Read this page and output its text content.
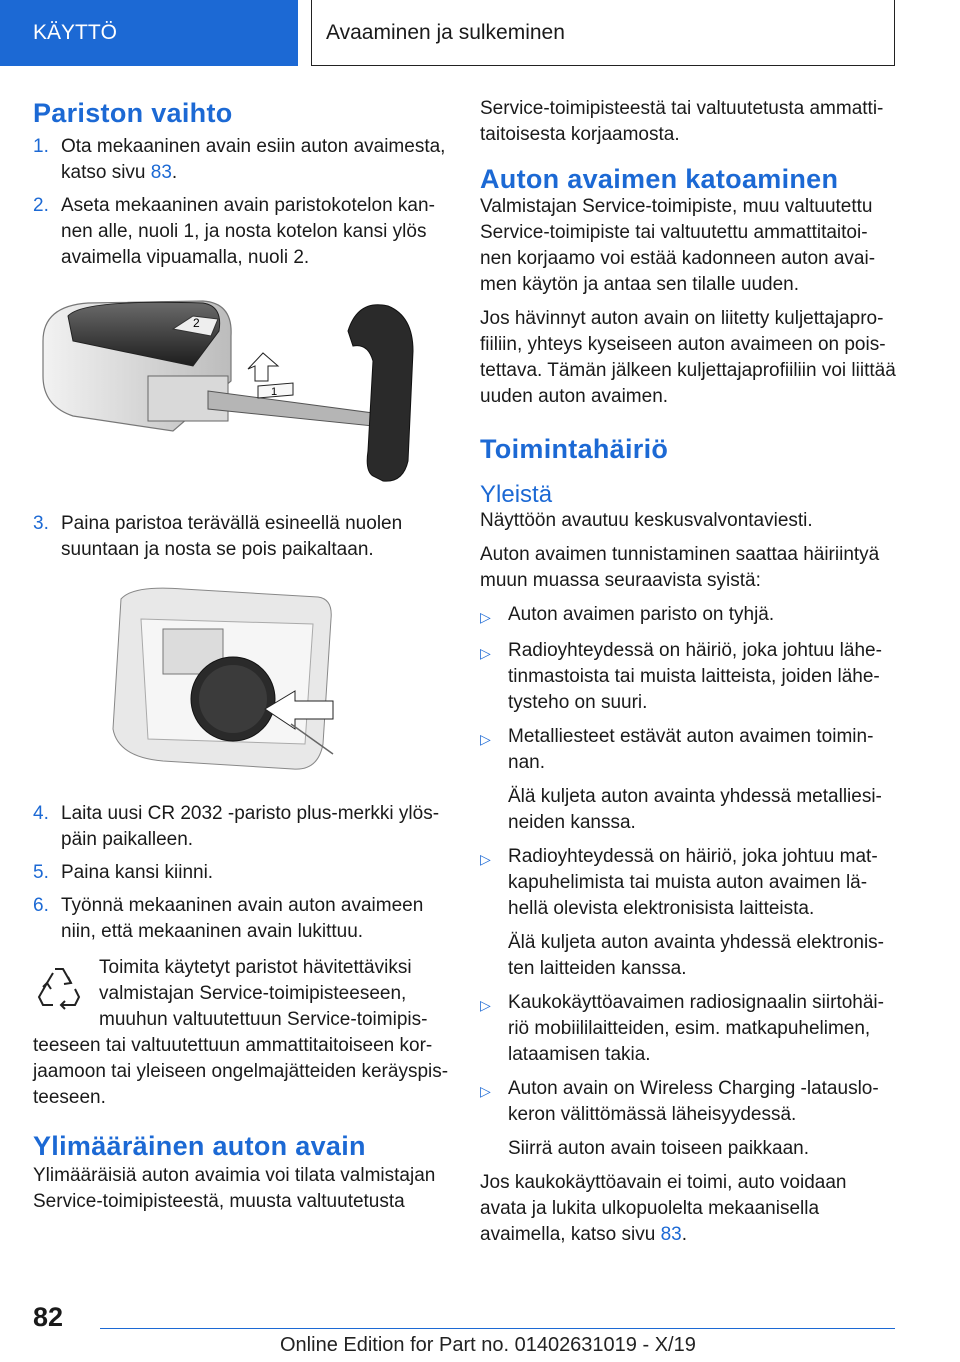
KÄYTTÖ	Avaaminen ja sulkeminen
Pariston vaihto
1. Ota mekaaninen avain esiin auton avaimesta, katso sivu 83.
2. Aseta mekaaninen avain paristokotelon kan-nen alle, nuoli 1, ja nosta kotelon kansi ylös avaimella vipuamalla, nuoli 2.
2
1
3. Paina paristoa terävällä esineellä nuolen suuntaan ja nosta se pois paikaltaan.
4. Laita uusi CR 2032 -paristo plus-merkki ylös-päin paikalleen.
5. Paina kansi kiinni.
6. Työnnä mekaaninen avain auton avaimeen niin, että mekaaninen avain lukittuu.

Toimita käytetyt paristot hävitettäviksi valmistajan Service-toimipisteeseen, muuhun valtuutettuun Service-toimipis-

teeseen tai valtuutettuun ammattitaitoiseen kor-jaamoon tai yleiseen ongelmajätteiden keräyspis-teeseen.

Ylimääräinen auton avain

Ylimääräisiä auton avaimia voi tilata valmistajan Service-toimipisteestä, muusta valtuutetusta

Service-toimipisteestä tai valtuutetusta ammatti-taitoisesta korjaamosta.

Auton avaimen katoaminen

Valmistajan Service-toimipiste, muu valtuutettu Service-toimipiste tai valtuutettu ammattitaitoi-nen korjaamo voi estää kadonneen auton avai-men käytön ja antaa sen tilalle uuden.

Jos hävinnyt auton avain on liitetty kuljettajapro-fiiliin, yhteys kyseiseen auton avaimeen on pois-tettava. Tämän jälkeen kuljettajaprofiiliin voi liittää uuden auton avaimen.

Toimintahäiriö
Yleistä

Näyttöön avautuu keskusvalvontaviesti.

Auton avaimen tunnistaminen saattaa häiriintyä muun muassa seuraavista syistä:

▷ Auton avaimen paristo on tyhjä.
▷ Radioyhteydessä on häiriö, joka johtuu lähe-tinmastoista tai muista laitteista, joiden lähe-tysteho on suuri.
▷ Metalliesteet estävät auton avaimen toimin-nan.

Älä kuljeta auton avainta yhdessä metalliesi-neiden kanssa.

▷ Radioyhteydessä on häiriö, joka johtuu mat-kapuhelimista tai muista auton avaimen lä-hellä olevista elektronisista laitteista.

Älä kuljeta auton avainta yhdessä elektronis-ten laitteiden kanssa.

▷ Kaukokäyttöavaimen radiosignaalin siirtohäi-riö mobiililaitteiden, esim. matkapuhelimen, lataamisen takia.
▷ Auton avain on Wireless Charging -latauslo-keron välittömässä läheisyydessä.

Siirrä auton avain toiseen paikkaan.

Jos kaukokäyttöavain ei toimi, auto voidaan avata ja lukita ulkopuolelta mekaanisella avaimella, katso sivu 83.

82
Online Edition for Part no. 01402631019 - X/19
